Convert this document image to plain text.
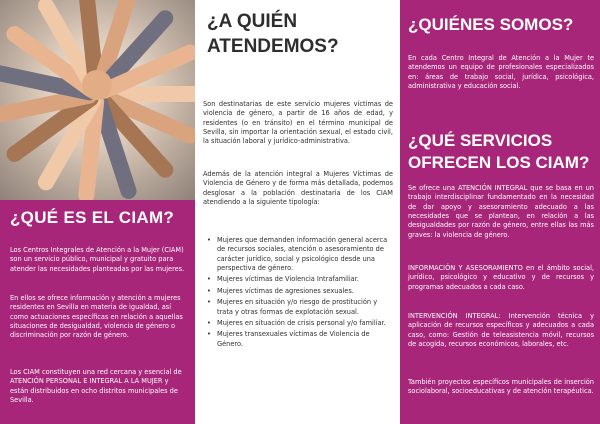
¿QUÉ ES EL CIAM?

Los Centros Integrales de Atención a la Mujer (CIAM) son un servicio público, municipal y gratuito para atender las necesidades planteadas por las mujeres.

En ellos se ofrece información y atención a mujeres residentes en Sevilla en materia de igualdad, así como actuaciones específicas en relación a aquellas situaciones de desigualdad, violencia de género o discriminación por razón de género.

Los CIAM constituyen una red cercana y esencial de ATENCIÓN PERSONAL E INTEGRAL A LA MUJER y están distribuidos en ocho distritos municipales de Sevilla.

¿A QUIÉN
ATENDEMOS?

Son destinatarias de este servicio mujeres víctimas de violencia de género, a partir de 16 años de edad, y residentes (o en tránsito) en el término municipal de Sevilla, sin importar la orientación sexual, el estado civil, la situación laboral y jurídico-administrativa.

Además de la atención integral a Mujeres Víctimas de Violencia de Género y de forma más detallada, podemos desglosar a la población destinataria de los CIAM atendiendo a la siguiente tipología:

• Mujeres que demanden información general acerca de recursos sociales, atención o asesoramiento de carácter jurídico, social y psicológico desde una perspectiva de género.
• Mujeres víctimas de Violencia Intrafamiliar.
• Mujeres víctimas de agresiones sexuales.
• Mujeres en situación y/o riesgo de prostitución y trata y otras formas de explotación sexual.
• Mujeres en situación de crisis personal y/o familiar.
• Mujeres transexuales víctimas de Violencia de Género.
¿QUIÉNES SOMOS?

En cada Centro Integral de Atención a la Mujer te atendemos un equipo de profesionales especializados en: áreas de trabajo social, jurídica, psicológica, administrativa y educación social.

¿QUÉ SERVICIOS
OFRECEN LOS CIAM?

Se ofrece una ATENCIÓN INTEGRAL que se basa en un trabajo interdisciplinar fundamentado en la necesidad de dar apoyo y asesoramiento adecuado a las necesidades que se plantean, en relación a las desigualdades por razón de género, entre ellas las más graves: la violencia de género.

INFORMACIÓN Y ASESORAMIENTO en el ámbito social, jurídico, psicológico y educativo y de recursos y programas adecuados a cada caso.

INTERVENCIÓN INTEGRAL: Intervención técnica y aplicación de recursos específicos y adecuados a cada caso, como: Gestión de teleasistencia móvil, recursos de acogida, recursos económicos, laborales, etc.

También proyectos específicos municipales de inserción sociolaboral, socioeducativas y de atención terapéutica.
